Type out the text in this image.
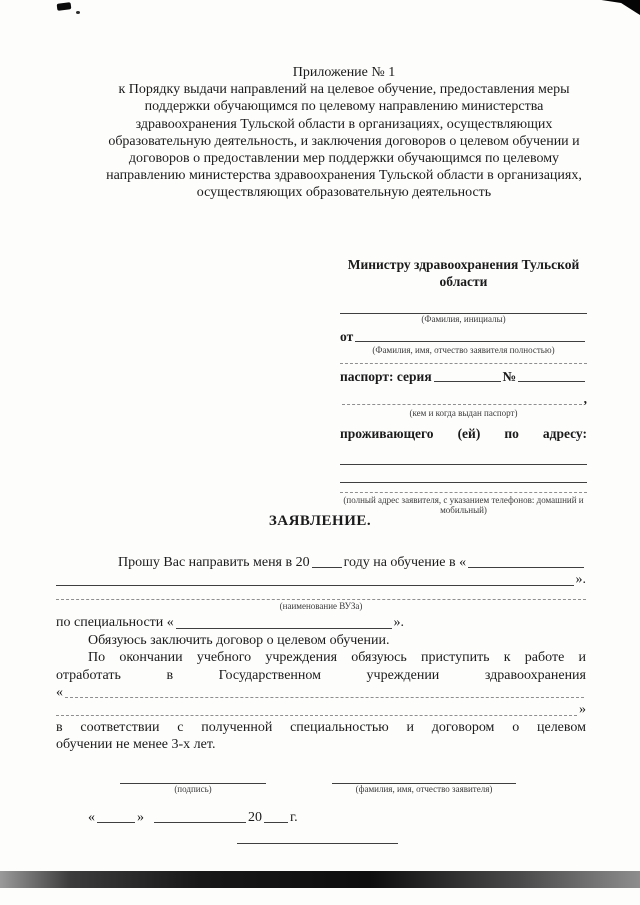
Приложение № 1
к Порядку выдачи направлений на целевое обучение, предоставления меры поддержки обучающимся по целевому направлению министерства здравоохранения Тульской области в организациях, осуществляющих образовательную деятельность, и заключения договоров о целевом обучении и договоров о предоставлении мер поддержки обучающимся по целевому направлению министерства здравоохранения Тульской области в организациях, осуществляющих образовательную деятельность
Министру здравоохранения Тульской области
(Фамилия, инициалы)
от
(Фамилия, имя, отчество заявителя полностью)
паспорт: серия	№
,
(кем и когда выдан паспорт)
проживающего (ей) по адресу:
(полный адрес заявителя, с указанием телефонов: домашний и мобильный)
ЗАЯВЛЕНИЕ.
Прошу Вас направить меня в 20 году на обучение в «
».
(наименование ВУЗа)
по специальности «	».
Обязуюсь заключить договор о целевом обучении.
По окончании учебного учреждения обязуюсь приступить к работе и
отработать в Государственном учреждении здравоохранения
«
»
в соответствии с полученной специальностью и договором о целевом
обучении не менее 3-х лет.
(подпись)	(фамилия, имя, отчество заявителя)
«	»	20 г.
